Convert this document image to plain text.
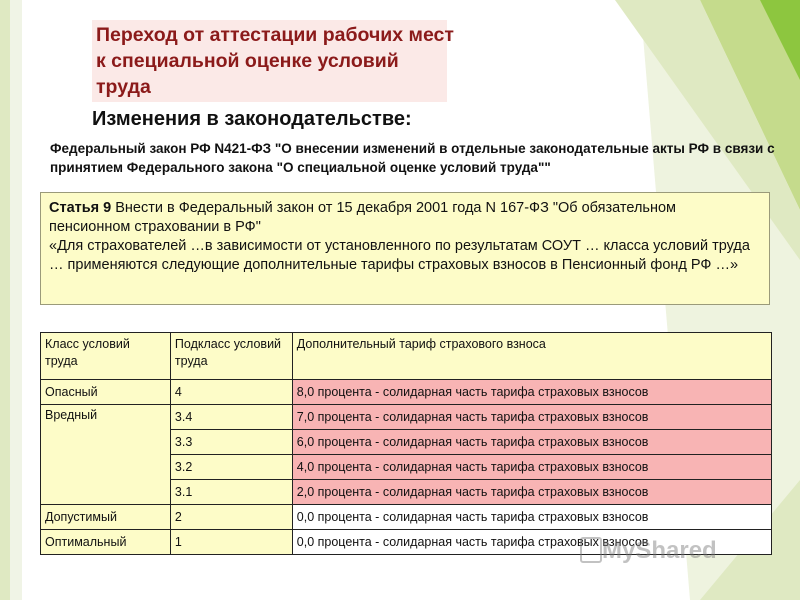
Переход от аттестации рабочих мест к специальной оценке условий труда
Изменения в законодательстве:
Федеральный закон РФ N421-ФЗ "О внесении изменений в отдельные законодательные акты РФ в связи с принятием Федерального закона "О специальной оценке условий труда""

Статья 9 Внести в Федеральный закон от 15 декабря 2001 года N 167-ФЗ "Об обязательном пенсионном страховании в РФ"

«Для страхователей …в зависимости от установленного по результатам СОУТ … класса условий труда … применяются следующие дополнительные тарифы страховых взносов в Пенсионный фонд РФ …»

Класс условий труда	Подкласс условий труда	Дополнительный тариф страхового взноса
Опасный	4	8,0 процента - солидарная часть тарифа страховых взносов
Вредный	3.4	7,0 процента - солидарная часть тарифа страховых взносов
	3.3	6,0 процента - солидарная часть тарифа страховых взносов
	3.2	4,0 процента - солидарная часть тарифа страховых взносов
	3.1	2,0 процента - солидарная часть тарифа страховых взносов
Допустимый	2	0,0 процента - солидарная часть тарифа страховых взносов
Оптимальный	1	0,0 процента - солидарная часть тарифа страховых взносов
MyShared
